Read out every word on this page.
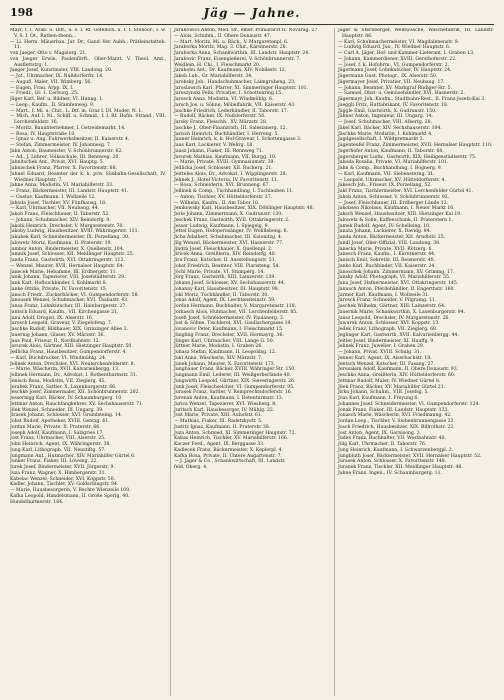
198	Jäg — Jahne.

Mayr, t. I. Arab. u. Diff., u. o. I. Rf. Gefellich. u. t. t. Stenoor., I. w. V. S. I. Ot., Rathen-tbenn...

— Li. Herm. Mäuerbau. Jar. Dr., Gand.-Ver. Aubh., Prätleinstatteb. 11.

von Jaeger. Otto v. Magalorg. 21.

von Jaeger Erwin, Paulenförft., Ober-Marzt. V. Theol. Amt., Ausflettstrg. 1.

Jaeger Josef, Kunstmaler, VIII. Laudong. 20.

— Jof., Uhrmacher, IX. Nußdorferftr. 14.

— Augufl, Maler, VII. Wimberg. 56.

— Eugen, Frau, Arpp. IX, I.

— Friedr., Gr. 1. Cerburg. 25.

Jäger Karl, Bef. u. Bildner, VI. Hanng. 1.

— Leop., Kaufm., II. Sfamfenweg. 9.

— Mart., f. Mi. u. Chir., L. Dtf. in. Graz I. Dl. Moder, N. 1.

— Mich. Auf. l. Ni., Schiff. u. Schmid., f. I. Rf. Hofm. Strand., VIII. Lerchenfeldstr. 16.

— Moritz, Bauunternehmer, I. Getreidemarkt. 14.

— Rosa, IV. Hauptstraße 10.

— Ignaz u. Aug. Fuhrwerksbesitzer, II. Kaiserstr. 4.

— Stefan, Zimmermeister, IV. Johannesg. 7.

Jahn Anton, Baumeister, V. Schönbrunnerstr. 62.

— Ad., J. Lehrer, Volksschule, III. Rennweg. 20.

Jahnitschek Ant., Privat, XVI. Hauptg. 5.

Jahnischek Franz, Pfarrer, X. Favoritenstr. 88.

Jahnel Eduard, Beamter der k. k. priv. Südbahn-Gesellschaft, IV. Wiedner Hauptstr. 7.

Jahne Anna, Modistin, VI. Mariahilferstr. 33.

— Franz, Bäckermeister, III. Landstr. Hauptstr. 41.

— Gustav, Kaufmann, I. Wollzeile 12.

Jahoda Josef, Tischler, XV. Fünfhausg. 18.

— Karl, Uhrmacher, VII. Neubaug. 44.

Jakob Franz, Fleischhauer, II. Taborstr. 52.

— Johann, Schuhmacher, XIV. Reindorfg. 9.

Jakobi Heinrich, Drechsler, V. Margaretenstr. 70.

Jakoby Ludwig, Hausbesitzer, XVIII. Währingerstr. 131.

Jakubek Karl, Schneidermeister, IX. Porzellang. 30.

Jalowetz Moriz, Kaufmann, II. Praterstr. 19.

Jambor Anton, Bindermeister, X. Quellenstr. 104.

Jamnik Josef, Schlosser, XII. Meidlinger Hauptstr. 25.

Janda Franz, Gastwirth, XVI. Ottakringerstr. 112.

— Wenzel, Maurer, XVII. Hernalser Hauptstr. 64.

Janecek Marie, Hebamme, III. Erdbergstr. 11.

Janik Johann, Tapezierer, VIII. Josefstädterstr. 29.

Jank Karl, Hofbuchbinder, I. Kohlmarkt 8.

Janke Ottilie, Private, IV. Favoritenstr. 15.

Janoch Friedr., Zuckerbäcker, VI. Gumpendorferstr. 58.

Janousek Wenzel, Schuhmacher, XVI. Thaliastr. 43.

Jansa Franz, Lohnkutscher, III. Hainburgerstr. 27.

Jantsch Eduard, Kaufm., VII. Kirchengasse 21.

Janu Adolf, Drogist, IX. Alserstr. 16.

Jarosch Leopold, Graveur, V. Ziegelofeng. 7.

Jaschke Rudolf, Bildhauer, XIX. Grinzinger Allee 3.

Jauernig Johann, Glaser, XV. Märzstr. 36.

Jaus Paul, Friseur, II. Nordbahnstr. 12.

Javurek Alois, Gärtner, XIII. Hietzinger Hauptstr. 50.

Jedlicka Franz, Hausbesitzer, Gumpendorferstr. 4.

— Karl, Buchdrucker, VI. Windmühlg. 24.

Jelinek Anton, Drechsler, XVI. Neulerchenfelderstr. 8.

— Marie, Wäscherin, XVII. Kalvarienbergg. 13.

Jellinek Hermann, Dr., Advokat, I. Rothenthurmstr. 31.

Jenisch Rosa, Modistin, VII. Zieglerg. 45.

Jerabek Franz, Sattler, X. Laxenburgerstr. 66.

Jeschke Josef, Zimmermaler, XII. Schönbrunnerstr. 202.

Jessernigg Karl, Bäcker, IV. Schaumburgerg. 10.

Jettmar Anton, Rauchfangkehrer, XV. Sechshauserstr. 71.

Jilek Wenzel, Schneider, III. Ungarg. 39.

Jirasek Johann, Schlosser, XVI. Grundsteing. 14.

Jobst Rudolf, Apotheker, XVIII. Gentzg. 61.

Jordan Marie, Private, II. Praterstr. 66.

Joseph Adolf, Kaufmann, I. Salzgries 17.

Jost Franz, Uhrmacher, VIII. Alserstr. 25.

Juhn Heinrich, Agent, IX. Währingerstr. 38.

Jung Karl, Lithograph, VII. Neustiftg. 57.

Jungmann Ant., Hutmacher, XIV. Mariahilfer Gürtel 6.

Junker Franz, Fiaker, III. Löweng. 22.

Jurek Josef, Bindermeister, XVII. Jörgerstr. 9.

Juza Franz, Wagner, X. Himbergerstr. 31.

Kabelac Wenzel, Schneider, XVI. Koppstr. 50.

Kadlec Johann, Tischler, XV. Goldschlagstr. 94.

— Marie, Hausbesorgerin, V. Rechte Wienzeile 109.

Kafka Leopold, Handelsmann, II. Große Sperlg. 40.

Hundsthurmerstr. 184.

Jarabowics Anton, Med. Dr., emer. Primararzt II. Novarag. 27.

— Alois, Schuhm., II. Obere Donaustr. 47.

— Mart. Moritz, Mi. u. Bäck., V. Margaretenpl. 6.

Jaraborka Moritz, Mag. 3. Chir., Kärntnerstr. 28.

Jaraborka Anna, Schankwirthin, III. Landstr. Hauptstr. 24.

Jarabovic Franz, Eisengießerei, V. Schönbrunnerstr. 7.

Weidlein, H. Chi., I. Fleischmarkt 20.

Jarabohu Ant., Dr. Kaufmann, XIV. Nobilestr. 12.

Jakob Lub., Gr. Mariahilferstr. 34.

Jarobsky Joh., Handschuhmacher, Laimgrubeng. 23.

Jaroslawich Karl, Pfarrer, XI. Simmeringer Hauptstr. 101.

Jaroszynski Felix, Privatier, I. Schottenring 15.

Jarosch Anna, Modistin, VI. Windmühlg. 8.

Jarsch Jos. u. Söhne, Möbelfabrik, VII. Kaiserstr. 43.

Jaschke Friedrich, Lederhändler, II. Taborstr. 17.

— Rudolf, Bäcker, IX. Nußdorferstr. 56.

Jarsky Franz, Fleischh., XV. Märzstr. 28.

Jaschke J., Ober-Finanzrath, III. Salesianerg. 12.

Jarisch Heinrich, Buchhändler, I. Herreng. 5.

Jauner Heinrich, k. k. Hof-Graveur, I. Schottengasse 3.

Jaus Karl, Lackierer, V. Wehrg. 18.

Jausz Johann, Fiaker, III. Rennweg 71.

Javurek Mathias, Kaufmann, VII. Burgg. 10.

— Marie, Private, XVIII. Gymnasiumstr. 39.

Jedlicka Josef, Schlosser, XII. Ruckerg. 21.

Jeitteles Alois, Dr., Advokat, I. Wipplingerstr. 28.

Jelinek J., Hotel Victoria, IV. Favoritenstr. 11.

— Rosa, Schneiderin, XVI. Brunneng. 67.

Jellinek & Comp., Tuchhandlung, I. Tuchlauben 11.

— Anton, Tischler, XV. Hütteldorferstr. 27.

— Wilhelm, Kaufm., II. Am Tabor 10.

Jenikowsky Karl, Hausbesitzer, XIX. Döblinger Hauptstr. 48.

Jerie Johann, Zimmermann, X. Gudrunstr. 130.

Jeschek Franz, Gastwirth, XVII. Ottakringerstr. 2.

Jesser Ludwig, Kaufmann, I. Spiegelg. 9.

Jettel Eugen, Hofopernsänger, IV. Wohllebeng. 6.

Jicha Adalbert, Schuhmacher, III. Kolonitzg. 4.

Jilg Wenzel, Bäckermeister, XVI. Hasnerstr. 77.

Jindra Josef, Fleischhauer, X. Quellenpl. 2.

Jiricek Anna, Greißlerin, XIV. Reindorfg. 40.

Jiru Franz, Kutscher, II. Ausstellungsstr. 51.

Jobst Friedrich, Beamter, VIII. Piaristeng. 54.

Jöchl Marie, Private, VI. Stumperg. 14.

Jörg Franz, Gastwirth, XIII. Lainzerstr. 139.

Johann Josef, Schlosser, XV. Sechshauserstr. 44.

Johanny Karl, Hausbesitzer, III. Hauptstr. 98.

Jokl Moriz, Tuchhändler, II. Taborstr. 30.

Jonas Adolf, Agent, IX. Liechtensteinstr. 59.

Jordan Hermann, Buchhalter, V. Margaretenstr. 118.

Jorkasch Alois, Hutmacher, VII. Lerchenfelderstr. 85.

Josefi Josef, Schneidermeister, IV. Paulanerg. 3.

Jost & Söhne, Tischlerei, XVI. Gaullachergasse 19.

Jovanovic Peter, Kaufmann, I. Fleischmarkt 15.

Jüngling Franz, Drechsler, XVII. Hormayrg. 36.

Jünger Karl, Uhrmacher, VIII. Lange G. 50.

Jüttner Marie, Modistin, I. Graben 26.

Juhasz Stefan, Kaufmann, II. Leopoldsg. 12.

Jukl Anna, Wäscherin, XIV. Märzstr. 7.

Junek Johann, Maurer, X. Favoritenstr. 173.

Jungbauer Franz, Bäcker, XVIII. Währinger Str. 150.

Jungmann Emil, Lederer, III. Weißgerberlände 40.

Jungwirth Leopold, Gärtner, XIX. Sieveringerstr. 26.

Junk Josef, Fleischselcher, VI. Gumpendorferstr. 95.

Jurasek Franz, Sattler, V. Reinprechtsdorferstr. 16.

Jurenak Anton, Kaufmann, I. Rotenturmstr. 13.

Jurica Wenzel, Tapezierer, XVI. Wiesberg. 8.

Juritsch Karl, Hausbesorger, IV. Mühlg. 22.

Just Marie, Private, XIII. Auhofstr. 61.

— Mathias, Fiaker, III. Radetzkystr. 5.

Justitz Ignaz, Kaufmann, II. Praterstr. 38.

Juza Anton, Schmied, XI. Simmeringer Hauptstr. 72.

Kabas Heinrich, Tischler, XV. Mariahilferstr. 166.

Kaczer Ferd., Agent, IX. Berggasse 33.

Kadlecek Franz, Bäckermeister, X. Keplerpl. 4.

Kafka Rosa, Private, II. Untere Augartenstr. 7.

— J. Jäger & Co., Schankwirtschaft, III. Landstr.

feld, Oberg. 4.

Jäger & Sternberger, Weißwäsche, Wäschefabrik, III. Landstr. Hauptstr. 86.

— Karl, Schuhmachermeister, VI. Magdalenenstr. 9.

— Ludwig Eduard, Jus., IV. Wiedner Hauptstr. 6.

— Carl A. Jäger, Hof- und Kammer-Lieferant, I. Graben 13.

— Johann, Kammerdiener, XVIII. Gersthoferstr. 22.

— Josef, f. k. Hofuhrm., VI. Gumpendorferstr. 2.

Jägermann Josef, Lohnkutscher, IV. Hauptstr. 24.

Jägermann Gust. Photogr., IX. Alserstr. 50.

Jägermayer Josef, Privatier, VII. Neubaug. 17.

— Johann, Beamter, XV. Markgraf Rüdiger-Str. 5.

— Samuel, Obst- u. Gemüsehändler, XVI. Hasnerstr. 2.

Jägermayr, Joh. Kaufm., Stadtbahn-Rest., II. Franz-Josefs-Kai 3.

Jaeggli Fritz, Hutfabrikant, IV. Favoritenstr. 18.

Jäggle Emil, Gastwirth, X. Gudrunstr. 150.

Jähner Anton, Ingenieur, III. Ungarg. 14.

— Josef, Schuhmacher, VIII. Albertg. 28.

Jäkel Karl, Bäcker, XIV. Sechshauserstr. 104.

Jäschke Marie, Modistin, I. Kohlmarkt 4.

Jagdgesellschaft, I. Wildpretmarkt 3.

Jagenteufel Franz, Zimmermeister, XVII. Hernalser Hauptstr. 110.

Jagerhofer Anton, Kaufmann, II. Taborstr. 68.

Jagersberger Ludw., Gastwirth, XIX. Heiligenstädterstr. 75.

Jahoda Rosalia, Private, VI. Mariahilferstr. 101.

Jahn & Comp., Buchhandlung, I. Bognerg. 9.

— Karl, Kaufmann, VII. Siebensterng. 31.

— Leopold, Uhrmacher, XV. Hütteldorferstr. 4.

Jakesch Joh., Friseur, IX. Porzellang. 52.

Jakl Franz, Tischlermeister, XVI. Lerchenfelder Gürtel 41.

Jakob Anton, Schlosser, V. Schönbrunnerstr. 92.

— Josef, Fleischhauer, III. Erdberger Lände 12.

Jakobsen Nikolaus, Kaufmann, I. Neuer Markt 16.

Jaksch Wenzel, Hausbesitzer, XIII. Hietzinger Kai 19.

Jalowetz & Sohn, Kaffeeschank, II. Praterstern 1.

Jamek Rudolf, Agent, IV. Schelleing. 10.

Janata Johann, Lackierer, X. Davidg. 84.

Janda Anton, Bäckermeister, XII. Arndtstr. 25.

Jandl Josef, Ober-Offizial, VIII. Laudong. 38.

Janecka Marie, Private, XVII. Rötzerg. 6.

Janesch Franz, Kaufm., I. Kärntnerstr. 44.

Janisch Emil, Sekretär, III. Reisnerstr. 40.

Janko Karl, Buchbinder, VII. Kaiserstr. 24.

Janoschek Johann, Zimmermann, XV. Grimmg. 17.

Jansky Adolf, Photograph, VI. Mariahilferstr. 55.

Janu Josef, Hafnermeister, XVI. Ottakringerstr. 145.

Janusch Anton, Pferdehändler, II. Engerthstr. 160.

Jarmer Karl, Kaufmann, I. Wollzeile 31.

Jarosch Franz, Schneider, V. Pilgramg. 11.

Jaschek Wilhelm, Gärtner, XIII. Lainzerstr. 64.

Jauernik Marie, Schankwirthin, X. Laxenburgerstr. 94.

Jausz Leopold, Drechsler, IV. Margaretenstr. 26.

Jawurek Anton, Schlosser, XVI. Koppstr. 13.

Jedek Franz, Lithograph, VII. Zieglerg. 68.

Jeglinger Karl, Gastwirth, XVII. Kalvarienbergg. 44.

Jeitler Josef, Bindermeister, XI. Hauffg. 9.

Jelinek Franz, Juwelier, I. Graben 29.

— Johann, Privat, XVIII. Schulg. 31.

Jenner Karl, Agent, IX. Alserbachstr. 18.

Jentsch Wenzel, Kutscher, III. Fasang. 27.

Jerusalem Adolf, Kaufmann, II. Obere Donaustr. 93.

Jeschko Anna, Greißlerin, XIV. Hütteldorferstr. 60.

Jettmar Rudolf, Maler, IV. Wiedner Gürtel 8.

Jilek Franz, Bäcker, XV. Mariahilfer Gürtel 21.

Jirku Johann, Schuhm., VIII. Josefsg. 5.

Joas Karl, Kaufmann, I. Freyung 6.

Johannes Josef, Schneidermeister, VI. Gumpendorferstr. 124.

Jonak Franz, Fiaker, III. Landstr. Hauptstr. 133.

Jonasch Marie, Wäscherin, XVI. Friedmanng. 42.

Jordan Leop., Tischler, V. Siebenbrunnengasse 33.

Josch Friedrich, Hausbesitzer, XIX. Billrothstr. 22.

Jost Anton, Agent, IX. Garnisong. 3.

Judex Franz, Buchhalter, VII. Westbahnstr. 40.

Jülg Karl, Uhrmacher, II. Taborstr. 76.

Jung Heinrich, Kaufmann, I. Schwarzenbergpl. 2.

Jungbluth Josef, Bäckermeister, XVII. Hernalser Hauptstr. 52.

Jurasek Anton, Schlosser, X. Favoritenstr. 148.

Juranek Franz, Tischler, XII. Meidlinger Hauptstr. 48.

Jahne Franz, Ingen., IV. Schaumburgerg. 11.
